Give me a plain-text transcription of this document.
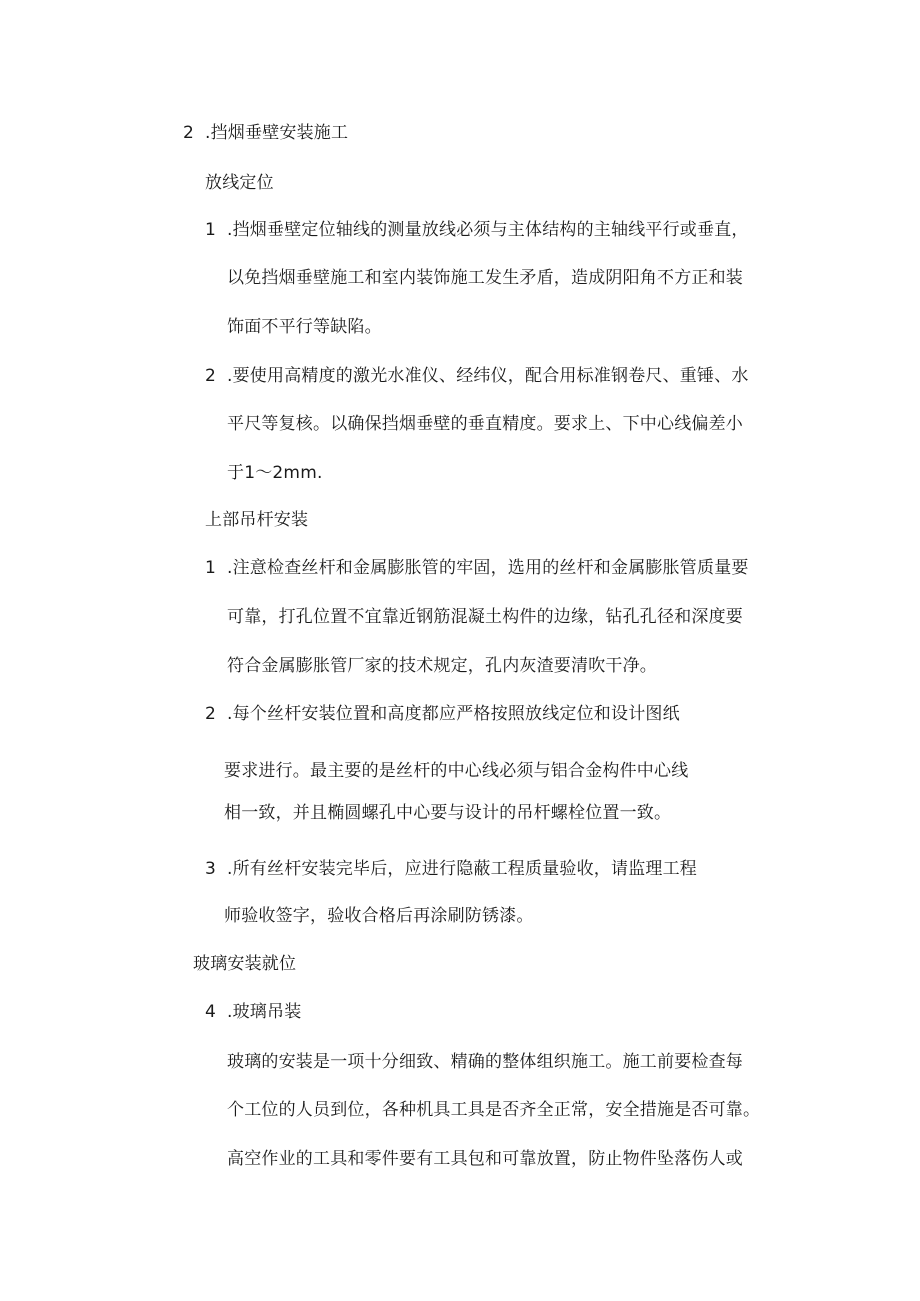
2 .挡烟垂壁安装施工
放线定位
1 .挡烟垂壁定位轴线的测量放线必须与主体结构的主轴线平行或垂直，
以免挡烟垂壁施工和室内装饰施工发生矛盾，造成阴阳角不方正和装
饰面不平行等缺陷。
2 .要使用高精度的激光水准仪、经纬仪，配合用标准钢卷尺、重锤、水
平尺等复核。以确保挡烟垂壁的垂直精度。要求上、下中心线偏差小
于1〜2mm.
上部吊杆安装
1 .注意检查丝杆和金属膨胀管的牢固，选用的丝杆和金属膨胀管质量要
可靠，打孔位置不宜靠近钢筋混凝土构件的边缘，钻孔孔径和深度要
符合金属膨胀管厂家的技术规定，孔内灰渣要清吹干净。
2 .每个丝杆安装位置和高度都应严格按照放线定位和设计图纸
要求进行。最主要的是丝杆的中心线必须与铝合金构件中心线
相一致，并且椭圆螺孔中心要与设计的吊杆螺栓位置一致。
3 .所有丝杆安装完毕后，应进行隐蔽工程质量验收，请监理工程
师验收签字，验收合格后再涂刷防锈漆。
玻璃安装就位
4 .玻璃吊装
玻璃的安装是一项十分细致、精确的整体组织施工。施工前要检查每
个工位的人员到位，各种机具工具是否齐全正常，安全措施是否可靠。
高空作业的工具和零件要有工具包和可靠放置，防止物件坠落伤人或
